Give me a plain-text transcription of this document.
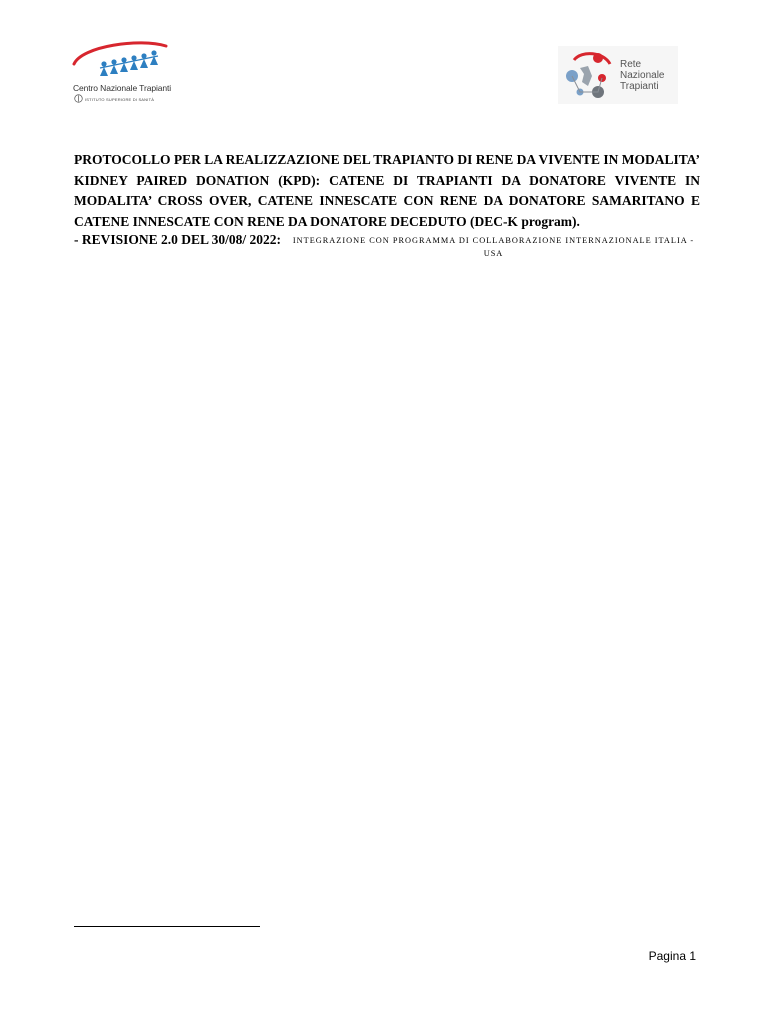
Centro Nazionale Trapianti
ISTITUTO SUPERIORE DI SANITÀ
Rete
Nazionale
Trapianti

PROTOCOLLO PER LA REALIZZAZIONE DEL TRAPIANTO DI RENE DA VIVENTE IN MODALITA’ KIDNEY PAIRED DONATION (KPD): CATENE DI TRAPIANTI DA DONATORE VIVENTE IN MODALITA’ CROSS OVER, CATENE INNESCATE CON RENE DA DONATORE SAMARITANO E CATENE INNESCATE CON RENE DA DONATORE DECEDUTO (DEC-K program).

- REVISIONE 2.0 DEL 30/08/ 2022:	INTEGRAZIONE CON PROGRAMMA DI COLLABORAZIONE INTERNAZIONALE ITALIA - USA
Pagina 1
